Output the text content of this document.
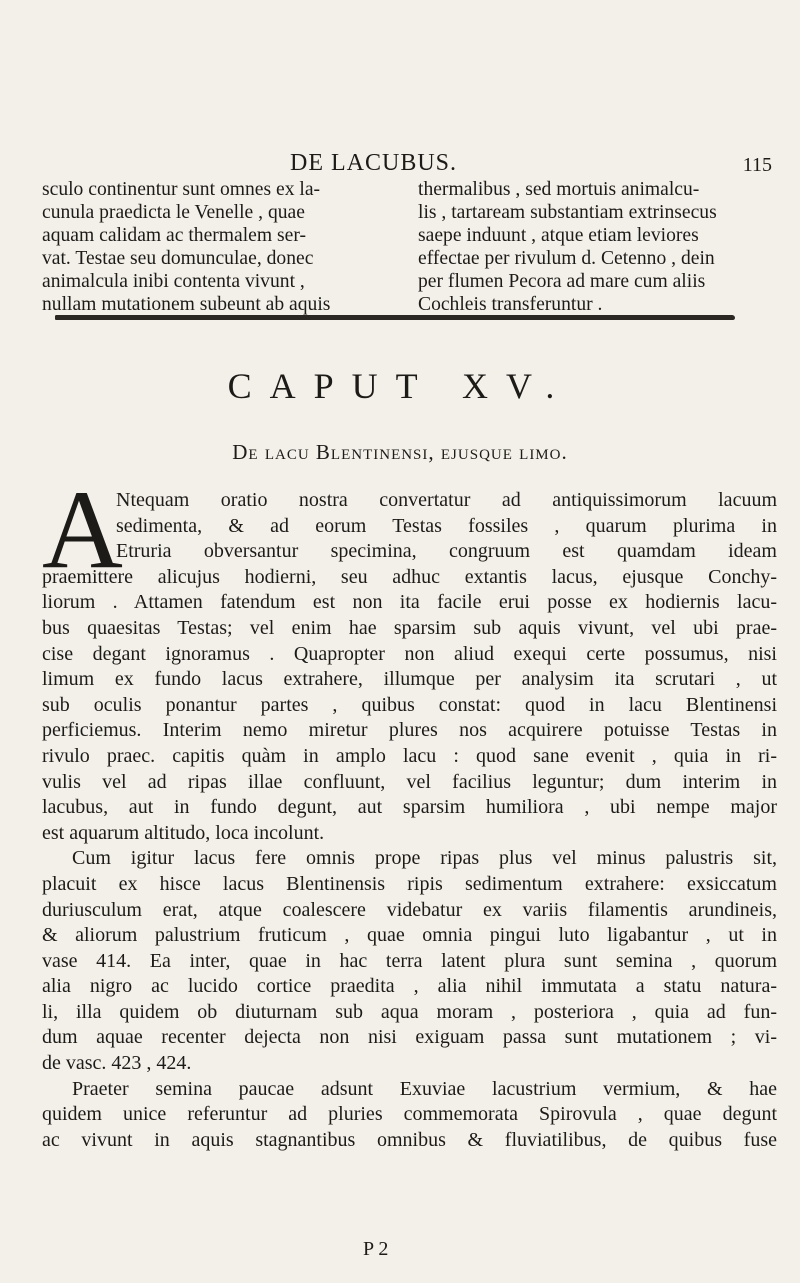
DE LACUBUS.	115

sculo continentur sunt omnes ex la-
cunula praedicta le Venelle , quae
aquam calidam ac thermalem ser-
vat. Testae seu domunculae, donec
animalcula inibi contenta vivunt ,
nullam mutationem subeunt ab aquis

thermalibus , sed mortuis animalcu-
lis , tartaream substantiam extrinsecus
saepe induunt , atque etiam leviores
effectae per rivulum d. Cetenno , dein
per flumen Pecora ad mare cum aliis
Cochleis transferuntur .

CAPUT XV.
De lacu Blentinensi, ejusque limo.
A
Ntequam oratio nostra convertatur ad antiquissimorum lacuum
sedimenta, & ad eorum Testas fossiles , quarum plurima in
Etruria obversantur specimina, congruum est quamdam ideam
praemittere alicujus hodierni, seu adhuc extantis lacus, ejusque Conchy-
liorum . Attamen fatendum est non ita facile erui posse ex hodiernis lacu-
bus quaesitas Testas; vel enim hae sparsim sub aquis vivunt, vel ubi prae-
cise degant ignoramus . Quapropter non aliud exequi certe possumus, nisi
limum ex fundo lacus extrahere, illumque per analysim ita scrutari , ut
sub oculis ponantur partes , quibus constat: quod in lacu Blentinensi
perficiemus. Interim nemo miretur plures nos acquirere potuisse Testas in
rivulo praec. capitis quàm in amplo lacu : quod sane evenit , quia in ri-
vulis vel ad ripas illae confluunt, vel facilius leguntur; dum interim in
lacubus, aut in fundo degunt, aut sparsim humiliora , ubi nempe major
est aquarum altitudo, loca incolunt.
Cum igitur lacus fere omnis prope ripas plus vel minus palustris sit,
placuit ex hisce lacus Blentinensis ripis sedimentum extrahere: exsiccatum
duriusculum erat, atque coalescere videbatur ex variis filamentis arundineis,
& aliorum palustrium fruticum , quae omnia pingui luto ligabantur , ut in
vase 414. Ea inter, quae in hac terra latent plura sunt semina , quorum
alia nigro ac lucido cortice praedita , alia nihil immutata a statu natura-
li, illa quidem ob diuturnam sub aqua moram , posteriora , quia ad fun-
dum aquae recenter dejecta non nisi exiguam passa sunt mutationem ; vi-
de vasc. 423 , 424.
Praeter semina paucae adsunt Exuviae lacustrium vermium, & hae
quidem unice referuntur ad pluries commemorata Spirovula , quae degunt
ac vivunt in aquis stagnantibus omnibus & fluviatilibus, de quibus fuse
P 2
